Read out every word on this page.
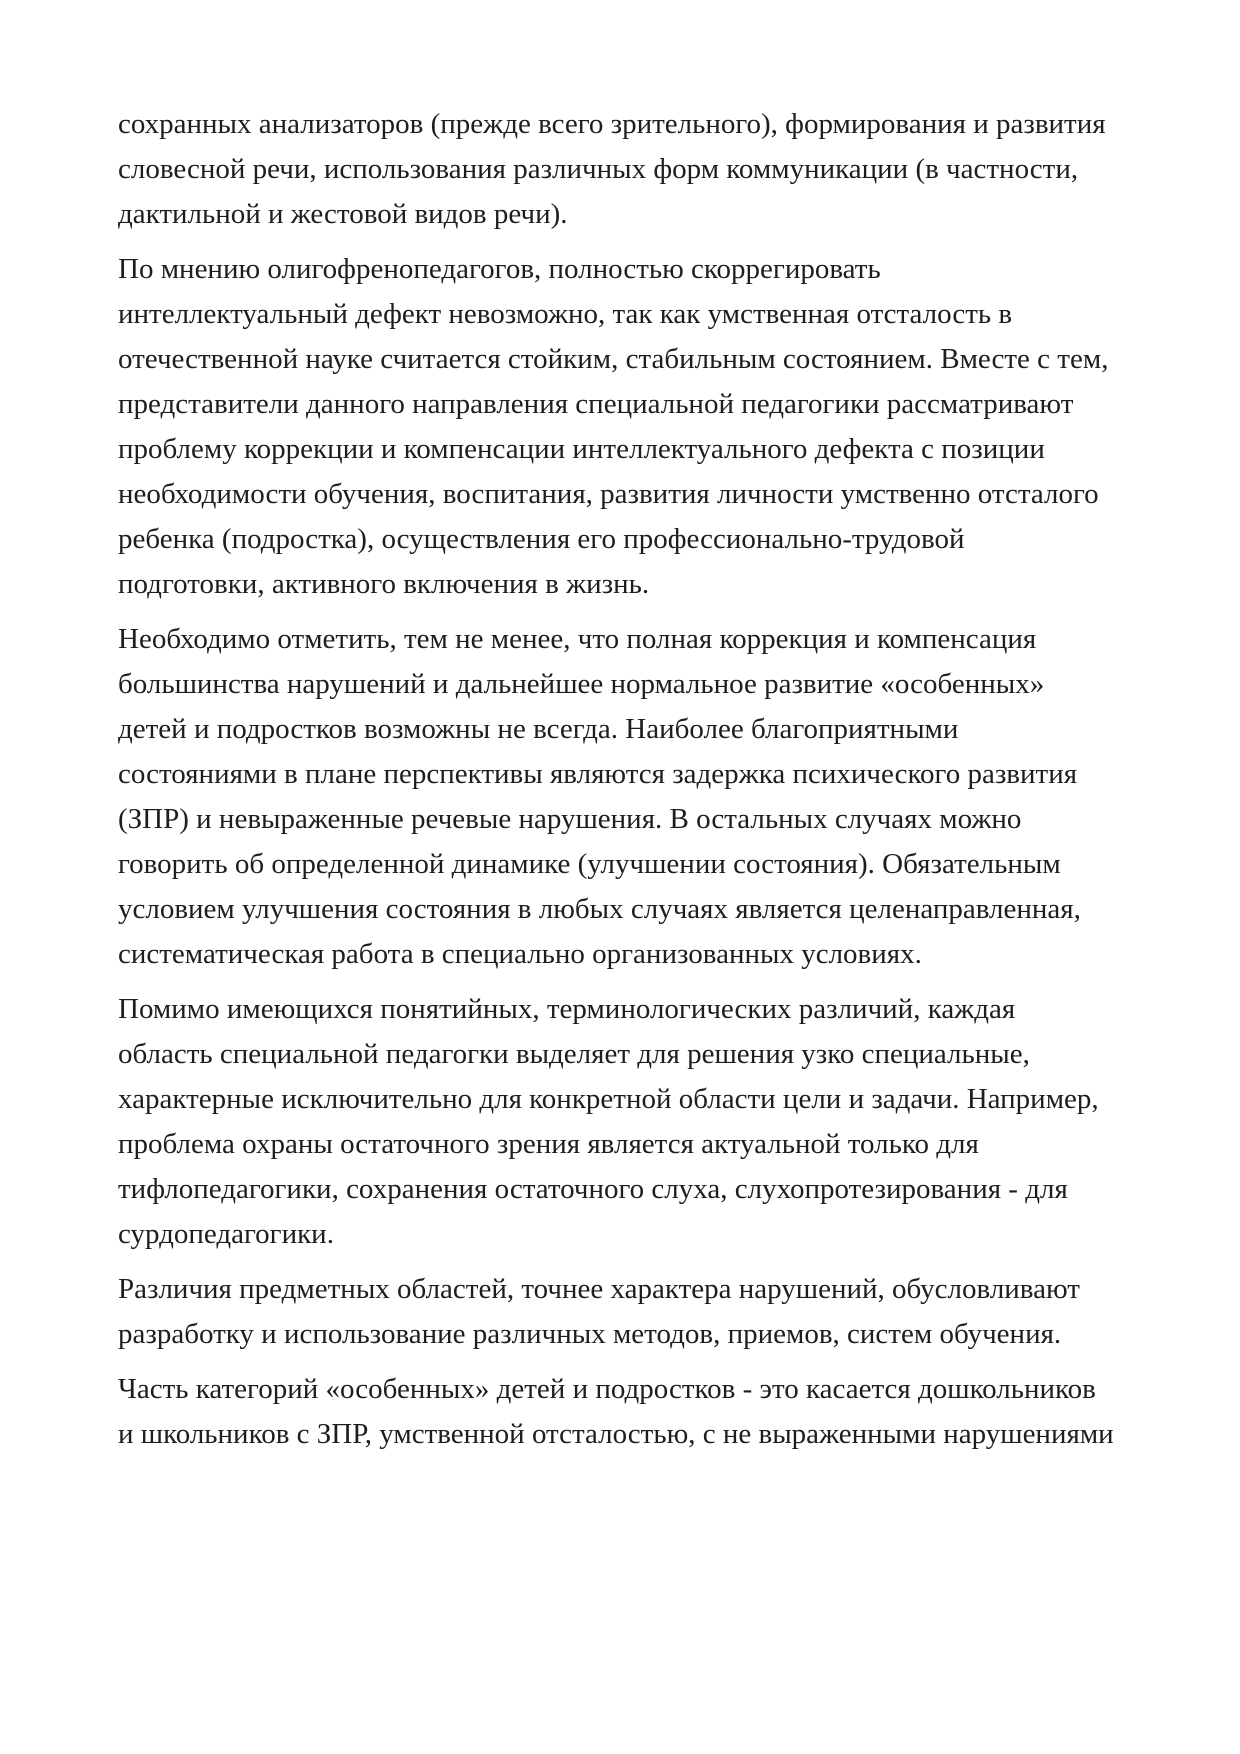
сохранных анализаторов (прежде всего зрительного), формирования и развития

словесной речи, использования различных форм коммуникации (в частности,

дактильной и жестовой видов речи).

По мнению олигофренопедагогов, полностью скоррегировать

интеллектуальный дефект невозможно, так как умственная отсталость в

отечественной науке считается стойким, стабильным состоянием. Вместе с тем,

представители данного направления специальной педагогики рассматривают

проблему коррекции и компенсации интеллектуального дефекта с позиции

необходимости обучения, воспитания, развития личности умственно отсталого

ребенка (подростка), осуществления его профессионально-трудовой

подготовки, активного включения в жизнь.

Необходимо отметить, тем не менее, что полная коррекция и компенсация

большинства нарушений и дальнейшее нормальное развитие «особенных»

детей и подростков возможны не всегда. Наиболее благоприятными

состояниями в плане перспективы являются задержка психического развития

(ЗПР) и невыраженные речевые нарушения. В остальных случаях можно

говорить об определенной динамике (улучшении состояния). Обязательным

условием улучшения состояния в любых случаях является целенаправленная,

систематическая работа в специально организованных условиях.

Помимо имеющихся понятийных, терминологических различий, каждая

область специальной педагогки выделяет для решения узко специальные,

характерные исключительно для конкретной области цели и задачи. Например,

проблема охраны остаточного зрения является актуальной только для

тифлопедагогики, сохранения остаточного слуха, слухопротезирования - для

сурдопедагогики.

Различия предметных областей, точнее характера нарушений, обусловливают

разработку и использование различных методов, приемов, систем обучения.

Часть категорий «особенных» детей и подростков - это касается дошкольников

и школьников с ЗПР, умственной отсталостью, с не выраженными нарушениями
